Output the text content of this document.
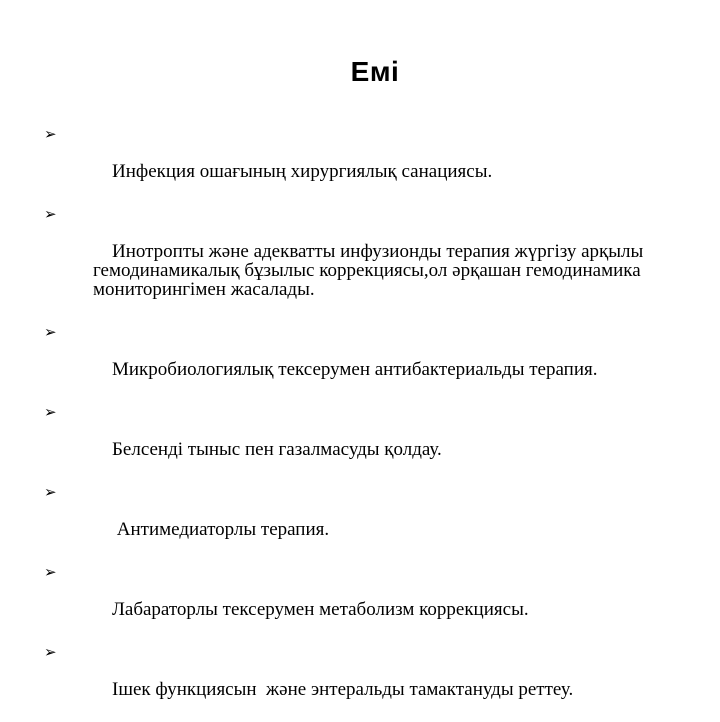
Емі

➢

Инфекция ошағының хирургиялық санациясы.

➢

Инотропты және адекватты инфузионды терапия жүргізу арқылы гемодинамикалық бұзылыс коррекциясы,ол әрқашан гемодинамика мониторингімен жасалады.

➢

Микробиологиялық тексерумен антибактериальды терапия.

➢

Белсенді тыныс пен газалмасуды қолдау.

➢

Антимедиаторлы терапия.

➢

Лабараторлы тексерумен метаболизм коррекциясы.

➢

Ішек функциясын  және энтеральды тамактануды реттеу.
